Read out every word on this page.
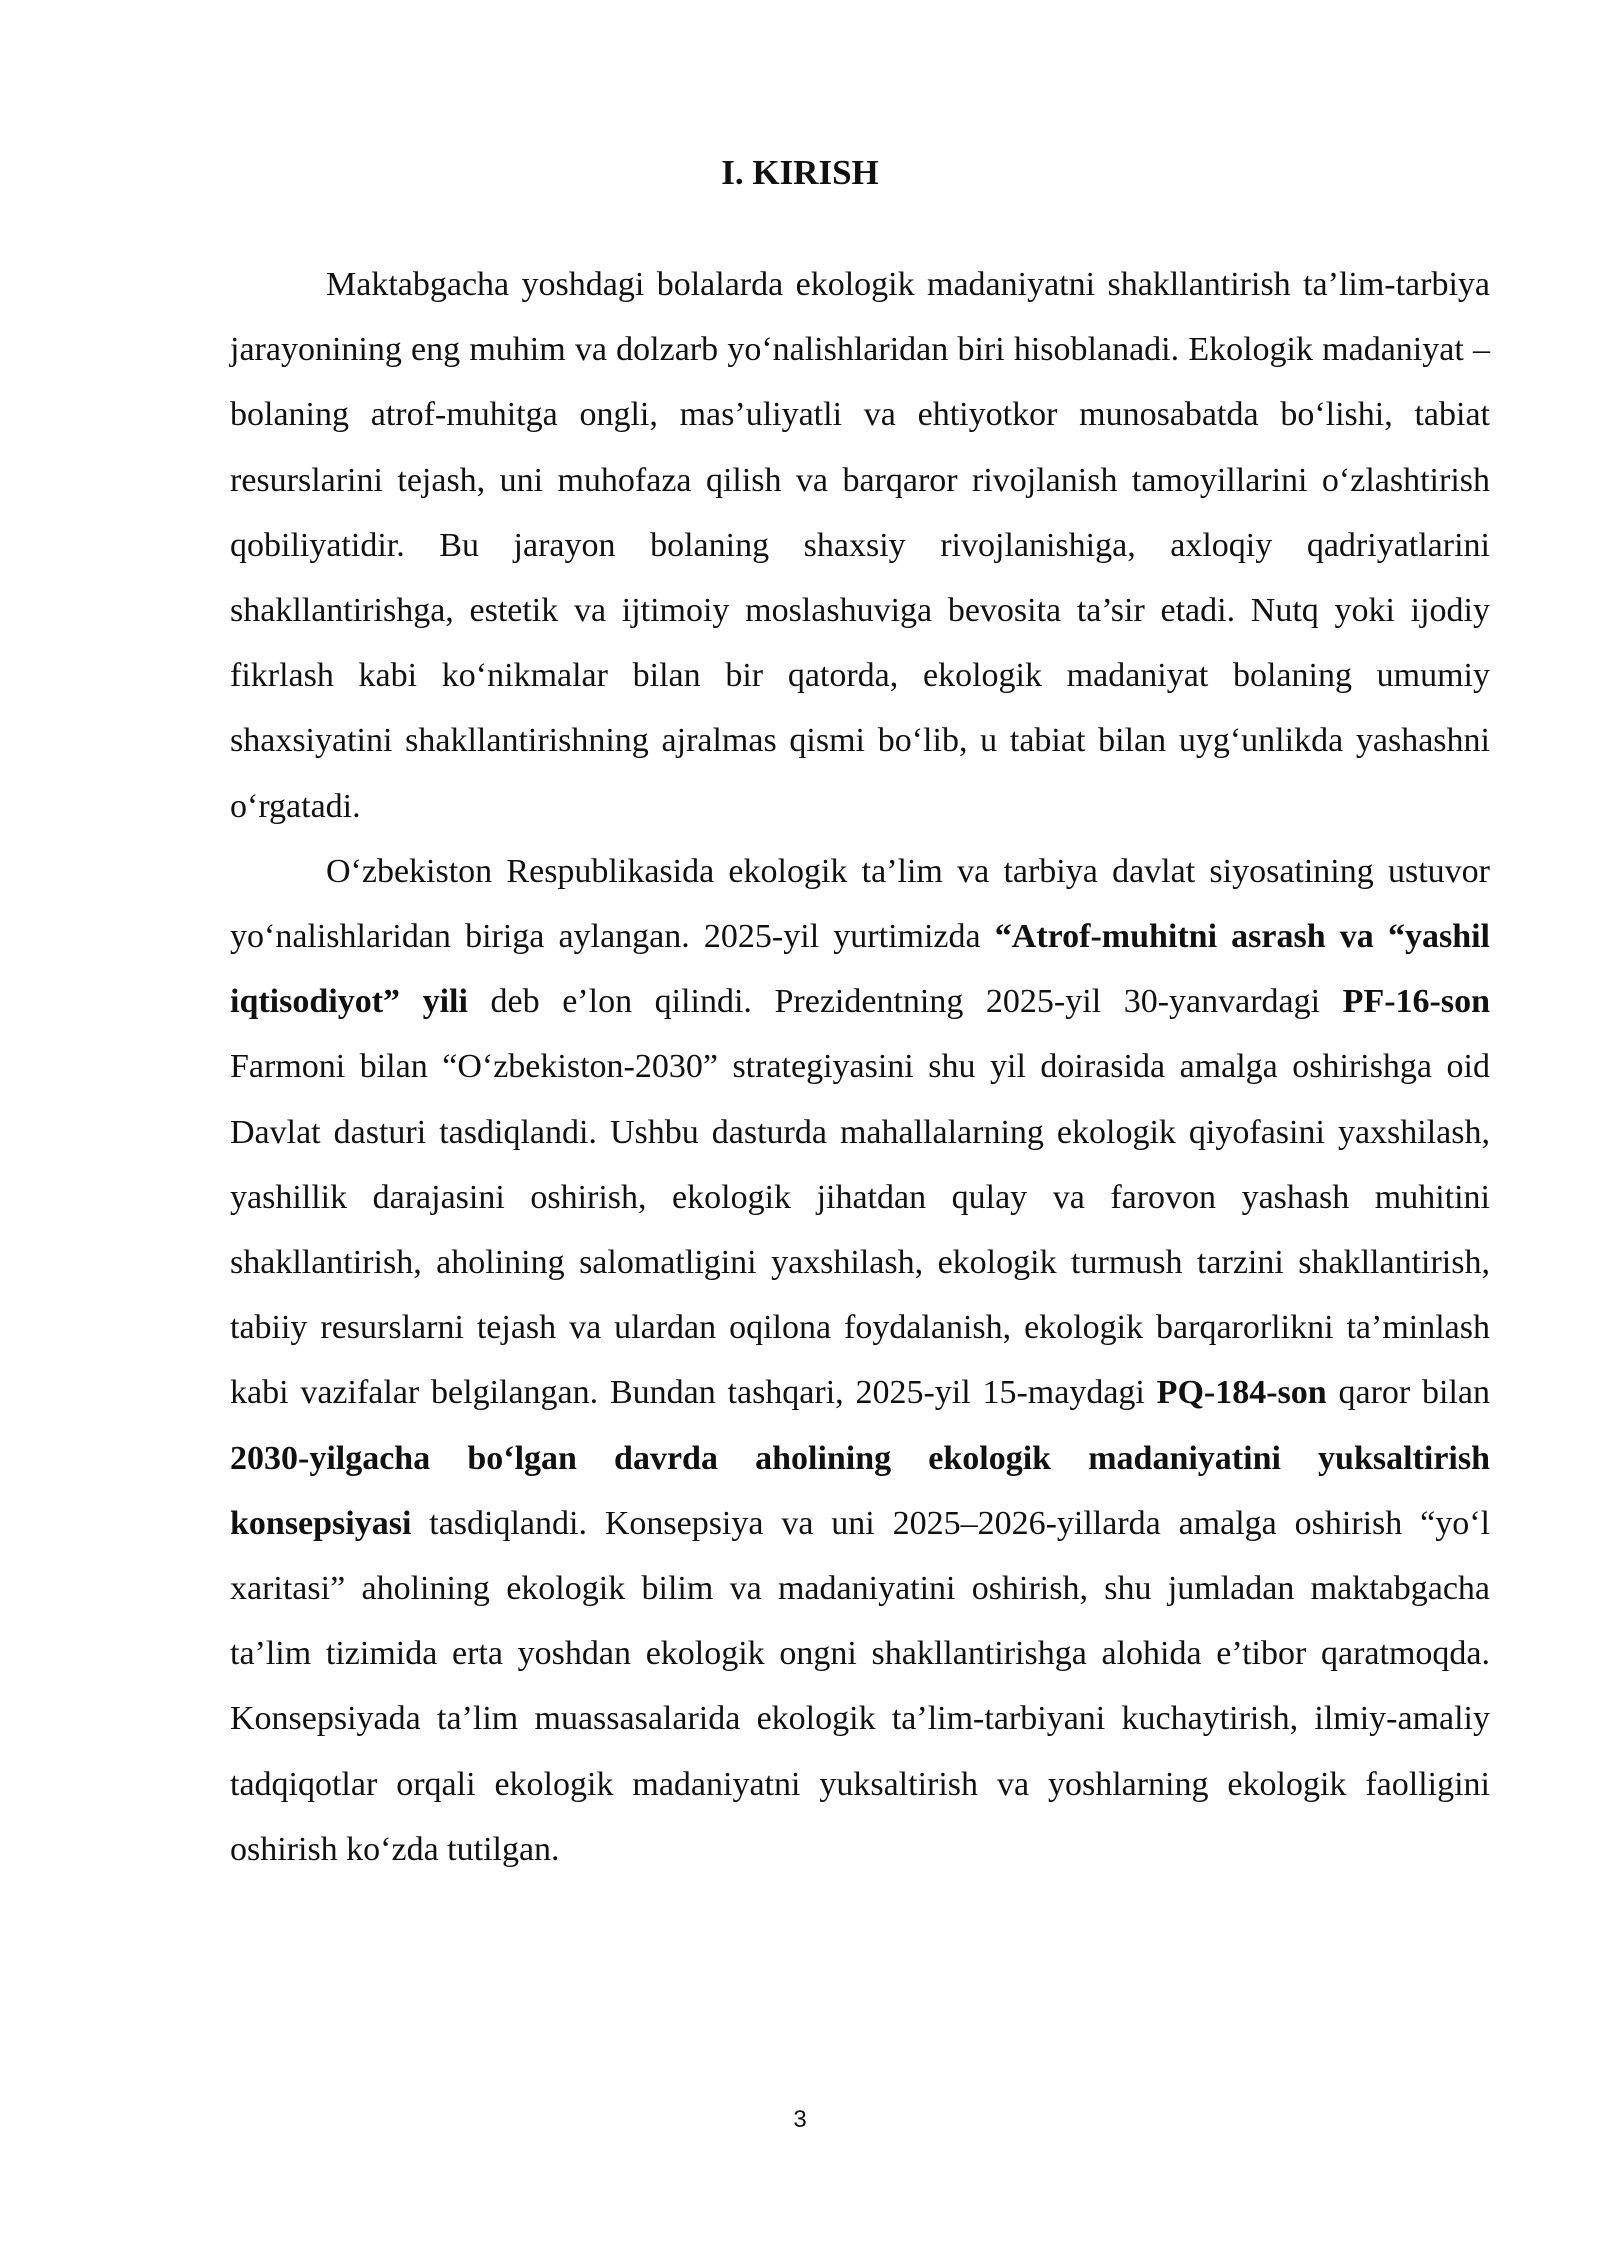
I. KIRISH

Maktabgacha yoshdagi bolalarda ekologik madaniyatni shakllantirish ta’lim-tarbiya jarayonining eng muhim va dolzarb yo‘nalishlaridan biri hisoblanadi. Ekologik madaniyat – bolaning atrof-muhitga ongli, mas’uliyatli va ehtiyotkor munosabatda bo‘lishi, tabiat resurslarini tejash, uni muhofaza qilish va barqaror rivojlanish tamoyillarini o‘zlashtirish qobiliyatidir. Bu jarayon bolaning shaxsiy rivojlanishiga, axloqiy qadriyatlarini shakllantirishga, estetik va ijtimoiy moslashuviga bevosita ta’sir etadi. Nutq yoki ijodiy fikrlash kabi ko‘nikmalar bilan bir qatorda, ekologik madaniyat bolaning umumiy shaxsiyatini shakllantirishning ajralmas qismi bo‘lib, u tabiat bilan uyg‘unlikda yashashni o‘rgatadi.

O‘zbekiston Respublikasida ekologik ta’lim va tarbiya davlat siyosatining ustuvor yo‘nalishlaridan biriga aylangan. 2025-yil yurtimizda “Atrof-muhitni asrash va “yashil iqtisodiyot” yili deb e’lon qilindi. Prezidentning 2025-yil 30-yanvardagi PF-16-son Farmoni bilan “O‘zbekiston-2030” strategiyasini shu yil doirasida amalga oshirishga oid Davlat dasturi tasdiqlandi. Ushbu dasturda mahallalarning ekologik qiyofasini yaxshilash, yashillik darajasini oshirish, ekologik jihatdan qulay va farovon yashash muhitini shakllantirish, aholining salomatligini yaxshilash, ekologik turmush tarzini shakllantirish, tabiiy resurslarni tejash va ulardan oqilona foydalanish, ekologik barqarorlikni ta’minlash kabi vazifalar belgilangan. Bundan tashqari, 2025-yil 15-maydagi PQ-184-son qaror bilan 2030-yilgacha bo‘lgan davrda aholining ekologik madaniyatini yuksaltirish konsepsiyasi tasdiqlandi. Konsepsiya va uni 2025–2026-yillarda amalga oshirish “yo‘l xaritasi” aholining ekologik bilim va madaniyatini oshirish, shu jumladan maktabgacha ta’lim tizimida erta yoshdan ekologik ongni shakllantirishga alohida e’tibor qaratmoqda. Konsepsiyada ta’lim muassasalarida ekologik ta’lim-tarbiyani kuchaytirish, ilmiy-amaliy tadqiqotlar orqali ekologik madaniyatni yuksaltirish va yoshlarning ekologik faolligini oshirish ko‘zda tutilgan.

3
